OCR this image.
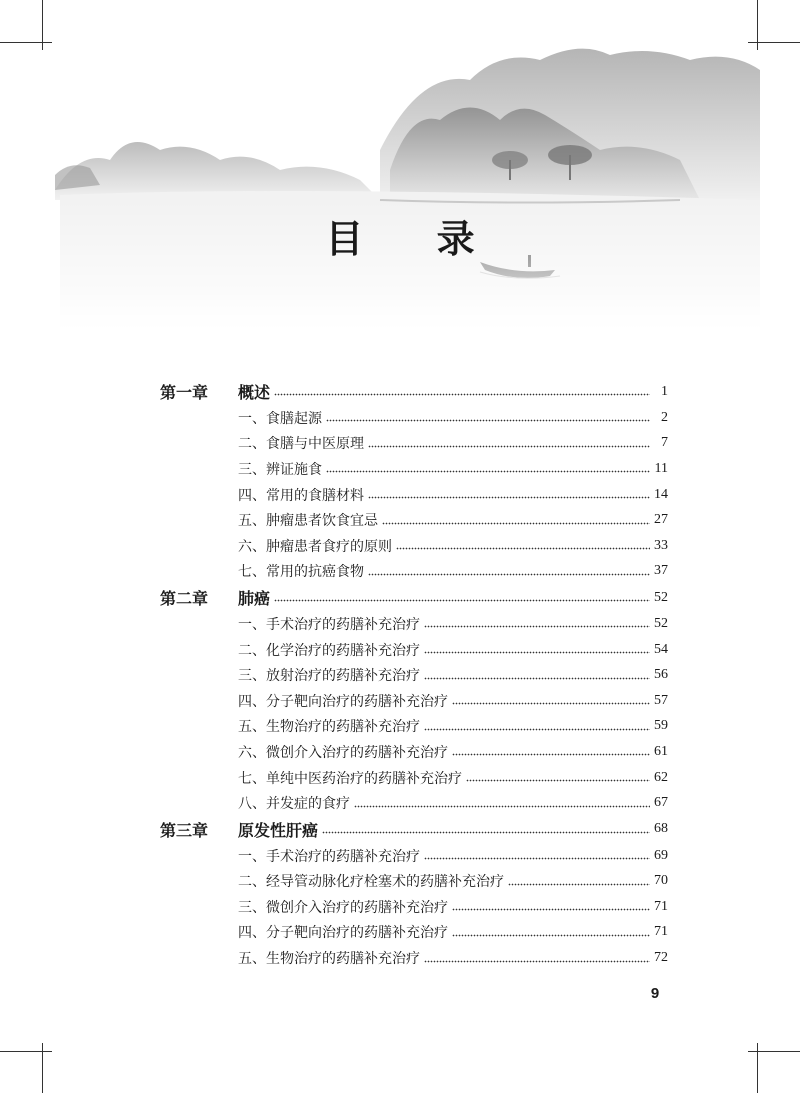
目 录
第一章	概述	1
一、食膳起源	2
二、食膳与中医原理	7
三、辨证施食	11
四、常用的食膳材料	14
五、肿瘤患者饮食宜忌	27
六、肿瘤患者食疗的原则	33
七、常用的抗癌食物	37
第二章	肺癌	52
一、手术治疗的药膳补充治疗	52
二、化学治疗的药膳补充治疗	54
三、放射治疗的药膳补充治疗	56
四、分子靶向治疗的药膳补充治疗	57
五、生物治疗的药膳补充治疗	59
六、微创介入治疗的药膳补充治疗	61
七、单纯中医药治疗的药膳补充治疗	62
八、并发症的食疗	67
第三章	原发性肝癌	68
一、手术治疗的药膳补充治疗	69
二、经导管动脉化疗栓塞术的药膳补充治疗	70
三、微创介入治疗的药膳补充治疗	71
四、分子靶向治疗的药膳补充治疗	71
五、生物治疗的药膳补充治疗	72
9
